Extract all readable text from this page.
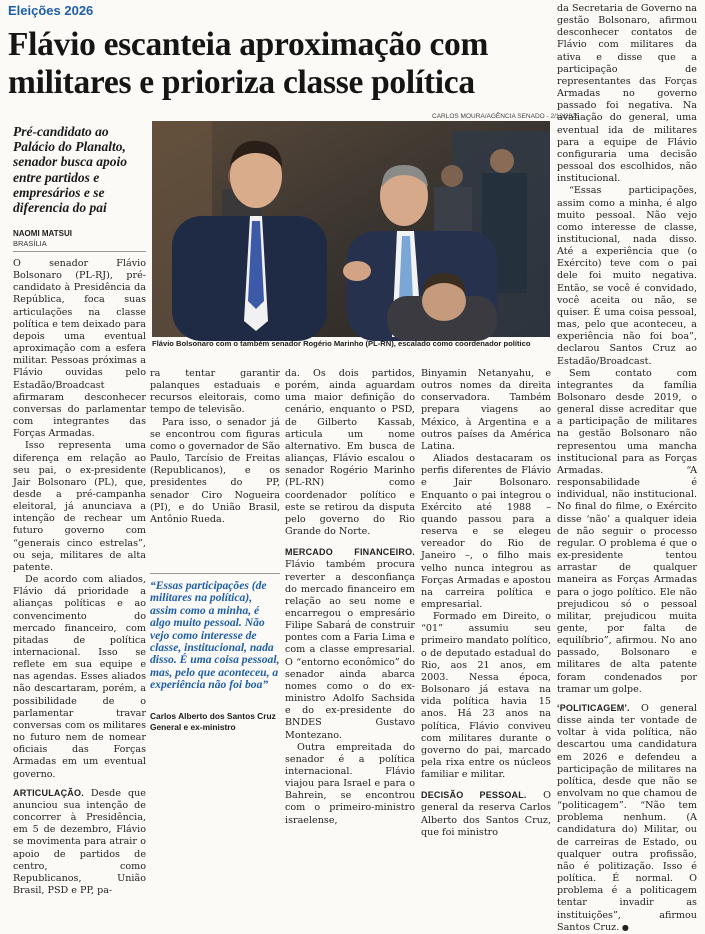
Eleições 2026
Flávio escanteia aproximação com militares e prioriza classe política
CARLOS MOURA/AGÊNCIA SENADO - 2/12/2025
Pré-candidato ao Palácio do Planalto, senador busca apoio entre partidos e empresários e se diferencia do pai
NAOMI MATSUI
BRASÍLIA
Flávio Bolsonaro com o também senador Rogério Marinho (PL-RN), escalado como coordenador político

O senador Flávio Bolsonaro (PL-RJ), pré-candidato à Presidência da República, foca suas articulações na classe política e tem deixado para depois uma eventual aproximação com a esfera militar. Pessoas próximas a Flávio ouvidas pelo Estadão/Broadcast afirmaram desconhecer conversas do parlamentar com integrantes das Forças Armadas.

Isso representa uma diferença em relação ao seu pai, o ex-presidente Jair Bolsonaro (PL), que, desde a pré-campanha eleitoral, já anunciava a intenção de rechear um futuro governo com “generais cinco estrelas”, ou seja, militares de alta patente.

De acordo com aliados, Flávio dá prioridade a alianças políticas e ao convencimento do mercado financeiro, com pitadas de política internacional. Isso se reflete em sua equipe e nas agendas. Esses aliados não descartaram, porém, a possibilidade de o parlamentar travar conversas com os militares no futuro nem de nomear oficiais das Forças Armadas em um eventual governo.

ARTICULAÇÃO. Desde que anunciou sua intenção de concorrer à Presidência, em 5 de dezembro, Flávio se movimenta para atrair o apoio de partidos de centro, como Republicanos, União Brasil, PSD e PP, pa-

ra tentar garantir palanques estaduais e recursos eleitorais, como tempo de televisão.

Para isso, o senador já se encontrou com figuras como o governador de São Paulo, Tarcísio de Freitas (Republicanos), e os presidentes do PP, senador Ciro Nogueira (PI), e do União Brasil, Antônio Rueda.

“Essas participações (de militares na política), assim como a minha, é algo muito pessoal. Não vejo como interesse de classe, institucional, nada disso. É uma coisa pessoal, mas, pelo que aconteceu, a experiência não foi boa”
Carlos Alberto dos Santos Cruz
General e ex-ministro

da. Os dois partidos, porém, ainda aguardam uma maior definição do cenário, enquanto o PSD, de Gilberto Kassab, articula um nome alternativo. Em busca de alianças, Flávio escalou o senador Rogério Marinho (PL-RN) como coordenador político e este se retirou da disputa pelo governo do Rio Grande do Norte.

MERCADO FINANCEIRO. Flávio também procura reverter a desconfiança do mercado financeiro em relação ao seu nome e encarregou o empresário Filipe Sabará de construir pontes com a Faria Lima e com a classe empresarial. O “entorno econômico” do senador ainda abarca nomes como o do ex-ministro Adolfo Sachsida e do ex-presidente do BNDES Gustavo Montezano.

Outra empreitada do senador é a política internacional. Flávio viajou para Israel e para o Bahrein, se encontrou com o primeiro-ministro israelense,

Binyamin Netanyahu, e outros nomes da direita conservadora. Também prepara viagens ao México, à Argentina e a outros países da América Latina.

Aliados destacaram os perfis diferentes de Flávio e Jair Bolsonaro. Enquanto o pai integrou o Exército até 1988 – quando passou para a reserva e se elegeu vereador do Rio de Janeiro –, o filho mais velho nunca integrou as Forças Armadas e apostou na carreira política e empresarial.

Formado em Direito, o “01” assumiu seu primeiro mandato político, o de deputado estadual do Rio, aos 21 anos, em 2003. Nessa época, Bolsonaro já estava na vida política havia 15 anos. Há 23 anos na política, Flávio conviveu com militares durante o governo do pai, marcado pela rixa entre os núcleos familiar e militar.

DECISÃO PESSOAL. O general da reserva Carlos Alberto dos Santos Cruz, que foi ministro

da Secretaria de Governo na gestão Bolsonaro, afirmou desconhecer contatos de Flávio com militares da ativa e disse que a participação de representantes das Forças Armadas no governo passado foi negativa. Na avaliação do general, uma eventual ida de militares para a equipe de Flávio configuraria uma decisão pessoal dos escolhidos, não institucional.

“Essas participações, assim como a minha, é algo muito pessoal. Não vejo como interesse de classe, institucional, nada disso. Até a experiência que (o Exército) teve com o pai dele foi muito negativa. Então, se você é convidado, você aceita ou não, se quiser. É uma coisa pessoal, mas, pelo que aconteceu, a experiência não foi boa”, declarou Santos Cruz ao Estadão/Broadcast.

Sem contato com integrantes da família Bolsonaro desde 2019, o general disse acreditar que a participação de militares na gestão Bolsonaro não representou uma mancha institucional para as Forças Armadas. “A responsabilidade é individual, não institucional. No final do filme, o Exército disse ‘não’ a qualquer ideia de não seguir o processo regular. O problema é que o ex-presidente tentou arrastar de qualquer maneira as Forças Armadas para o jogo político. Ele não prejudicou só o pessoal militar, prejudicou muita gente, por falta de equilíbrio”, afirmou. No ano passado, Bolsonaro e militares de alta patente foram condenados por tramar um golpe.

‘POLITICAGEM’. O general disse ainda ter vontade de voltar à vida política, não descartou uma candidatura em 2026 e defendeu a participação de militares na política, desde que não se envolvam no que chamou de “politicagem”. “Não tem problema nenhum. (A candidatura do) Militar, ou de carreiras de Estado, ou qualquer outra profissão, não é politização. Isso é política. É normal. O problema é a politicagem tentar invadir as instituições”, afirmou Santos Cruz. ●
